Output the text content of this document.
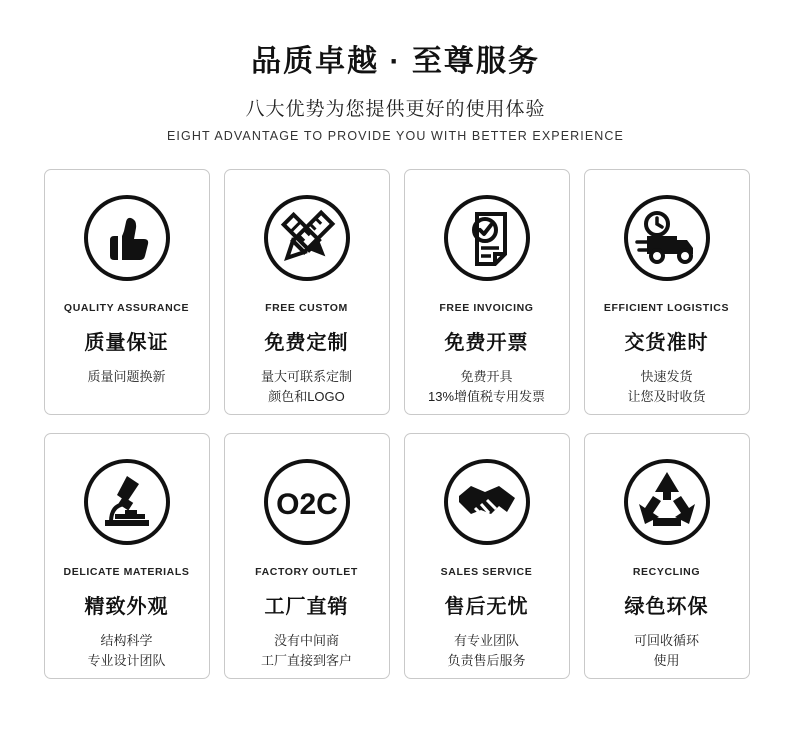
品质卓越 · 至尊服务
八大优势为您提供更好的使用体验
EIGHT ADVANTAGE TO PROVIDE YOU WITH BETTER EXPERIENCE
QUALITY ASSURANCE
质量保证
质量问题换新
FREE CUSTOM
免费定制
量大可联系定制
颜色和LOGO
FREE INVOICING
免费开票
免费开具
13%增值税专用发票
EFFICIENT LOGISTICS
交货准时
快速发货
让您及时收货
DELICATE MATERIALS
精致外观
结构科学
专业设计团队
O2C
FACTORY OUTLET
工厂直销
没有中间商
工厂直接到客户
SALES SERVICE
售后无忧
有专业团队
负责售后服务
RECYCLING
绿色环保
可回收循环
使用
